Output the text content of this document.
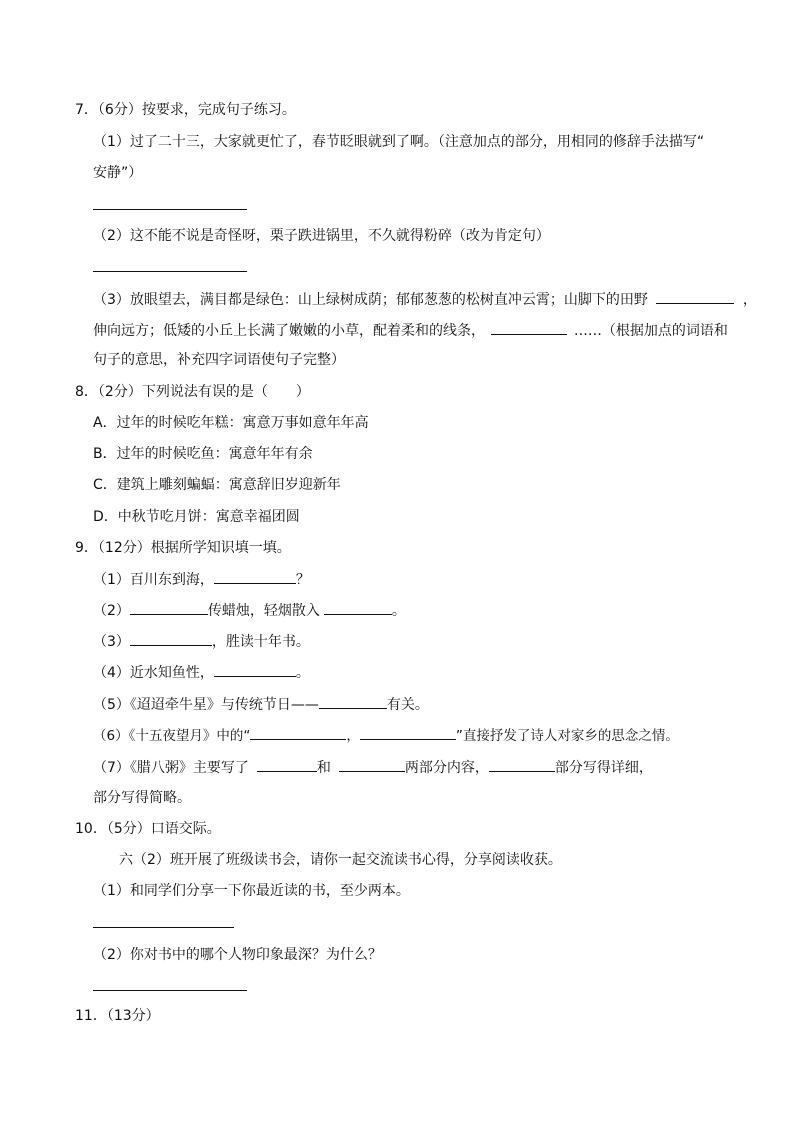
7．（6分）按要求，完成句子练习。
（1）过了二十三，大家就更忙了，春节眨眼就到了啊。（注意加点的部分，用相同的修辞手法描写“
安静”）
（2）这不能不说是奇怪呀，栗子跌进锅里，不久就得粉碎（改为肯定句）
（3）放眼望去，满目都是绿色：山上绿树成荫；郁郁葱葱的松树直冲云霄；山脚下的田野	，
伸向远方；低矮的小丘上长满了嫩嫩的小草，配着柔和的线条，	……（根据加点的词语和
句子的意思，补充四字词语使句子完整）
8．（2分）下列说法有误的是（　　）
A．过年的时候吃年糕：寓意万事如意年年高
B．过年的时候吃鱼：寓意年年有余
C．建筑上雕刻蝙蝠：寓意辞旧岁迎新年
D．中秋节吃月饼：寓意幸福团圆
9．（12分）根据所学知识填一填。
（1）百川东到海，	？
（2）	传蜡烛，轻烟散入	。
（3）	，胜读十年书。
（4）近水知鱼性，	。
（5）《迢迢牵牛星》与传统节日——	有关。
（6）《十五夜望月》中的“	，	”直接抒发了诗人对家乡的思念之情。
（7）《腊八粥》主要写了	和	两部分内容，	部分写得详细，
部分写得简略。
10．（5分）口语交际。
六（2）班开展了班级读书会，请你一起交流读书心得，分享阅读收获。
（1）和同学们分享一下你最近读的书，至少两本。
（2）你对书中的哪个人物印象最深？为什么？
11．（13分）
